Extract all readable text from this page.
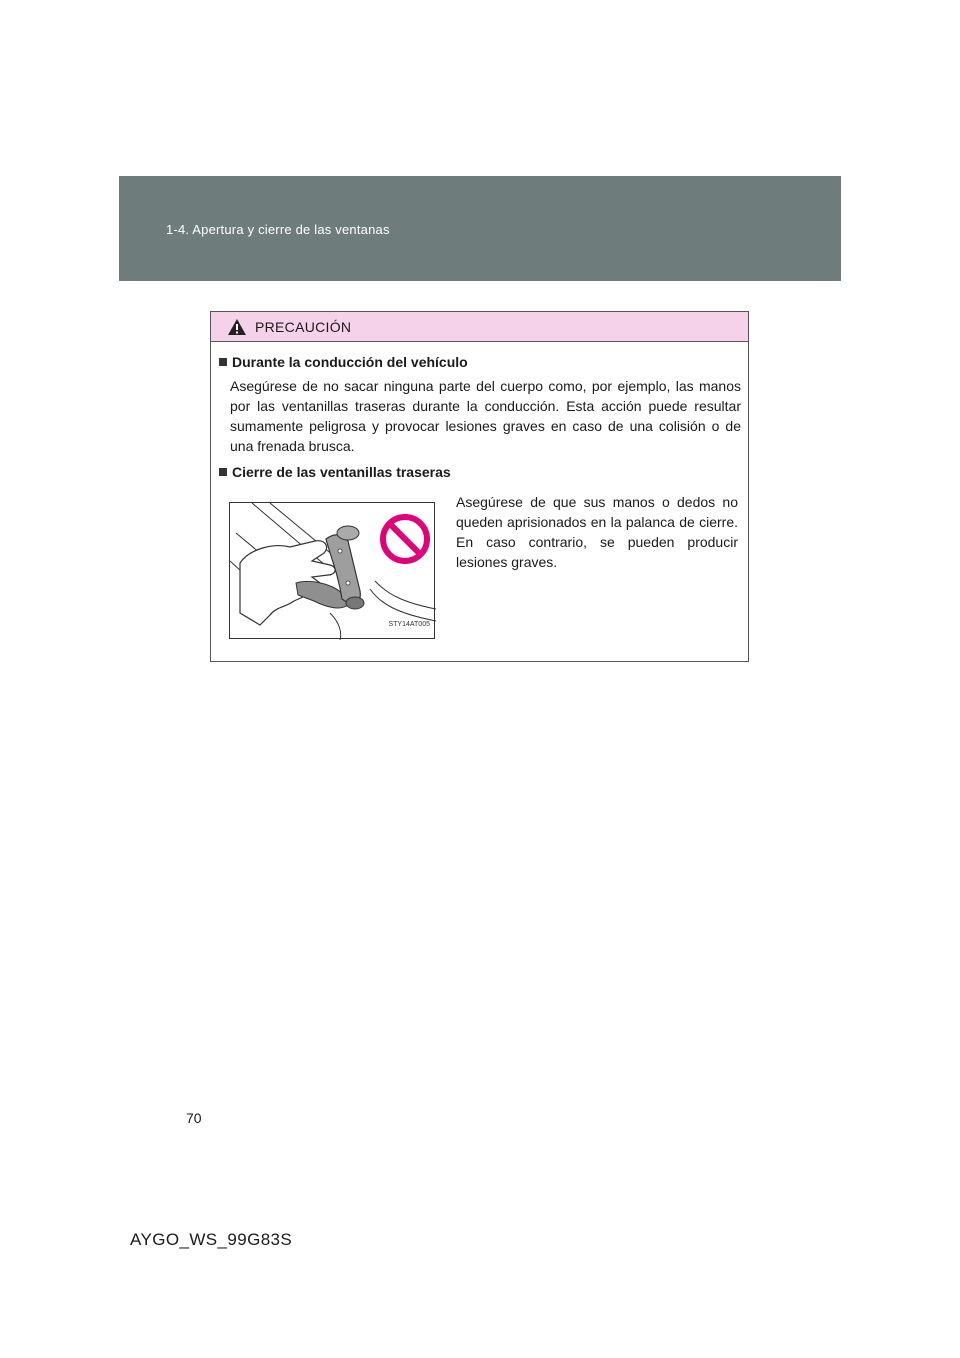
1-4. Apertura y cierre de las ventanas
PRECAUCIÓN
Durante la conducción del vehículo
Asegúrese de no sacar ninguna parte del cuerpo como, por ejemplo, las manos por las ventanillas traseras durante la conducción. Esta acción puede resultar sumamente peligrosa y provocar lesiones graves en caso de una colisión o de una frenada brusca.
Cierre de las ventanillas traseras
STY14AT005
Asegúrese de que sus manos o dedos no queden aprisionados en la palanca de cierre. En caso contrario, se pueden producir lesiones graves.
70
AYGO_WS_99G83S
